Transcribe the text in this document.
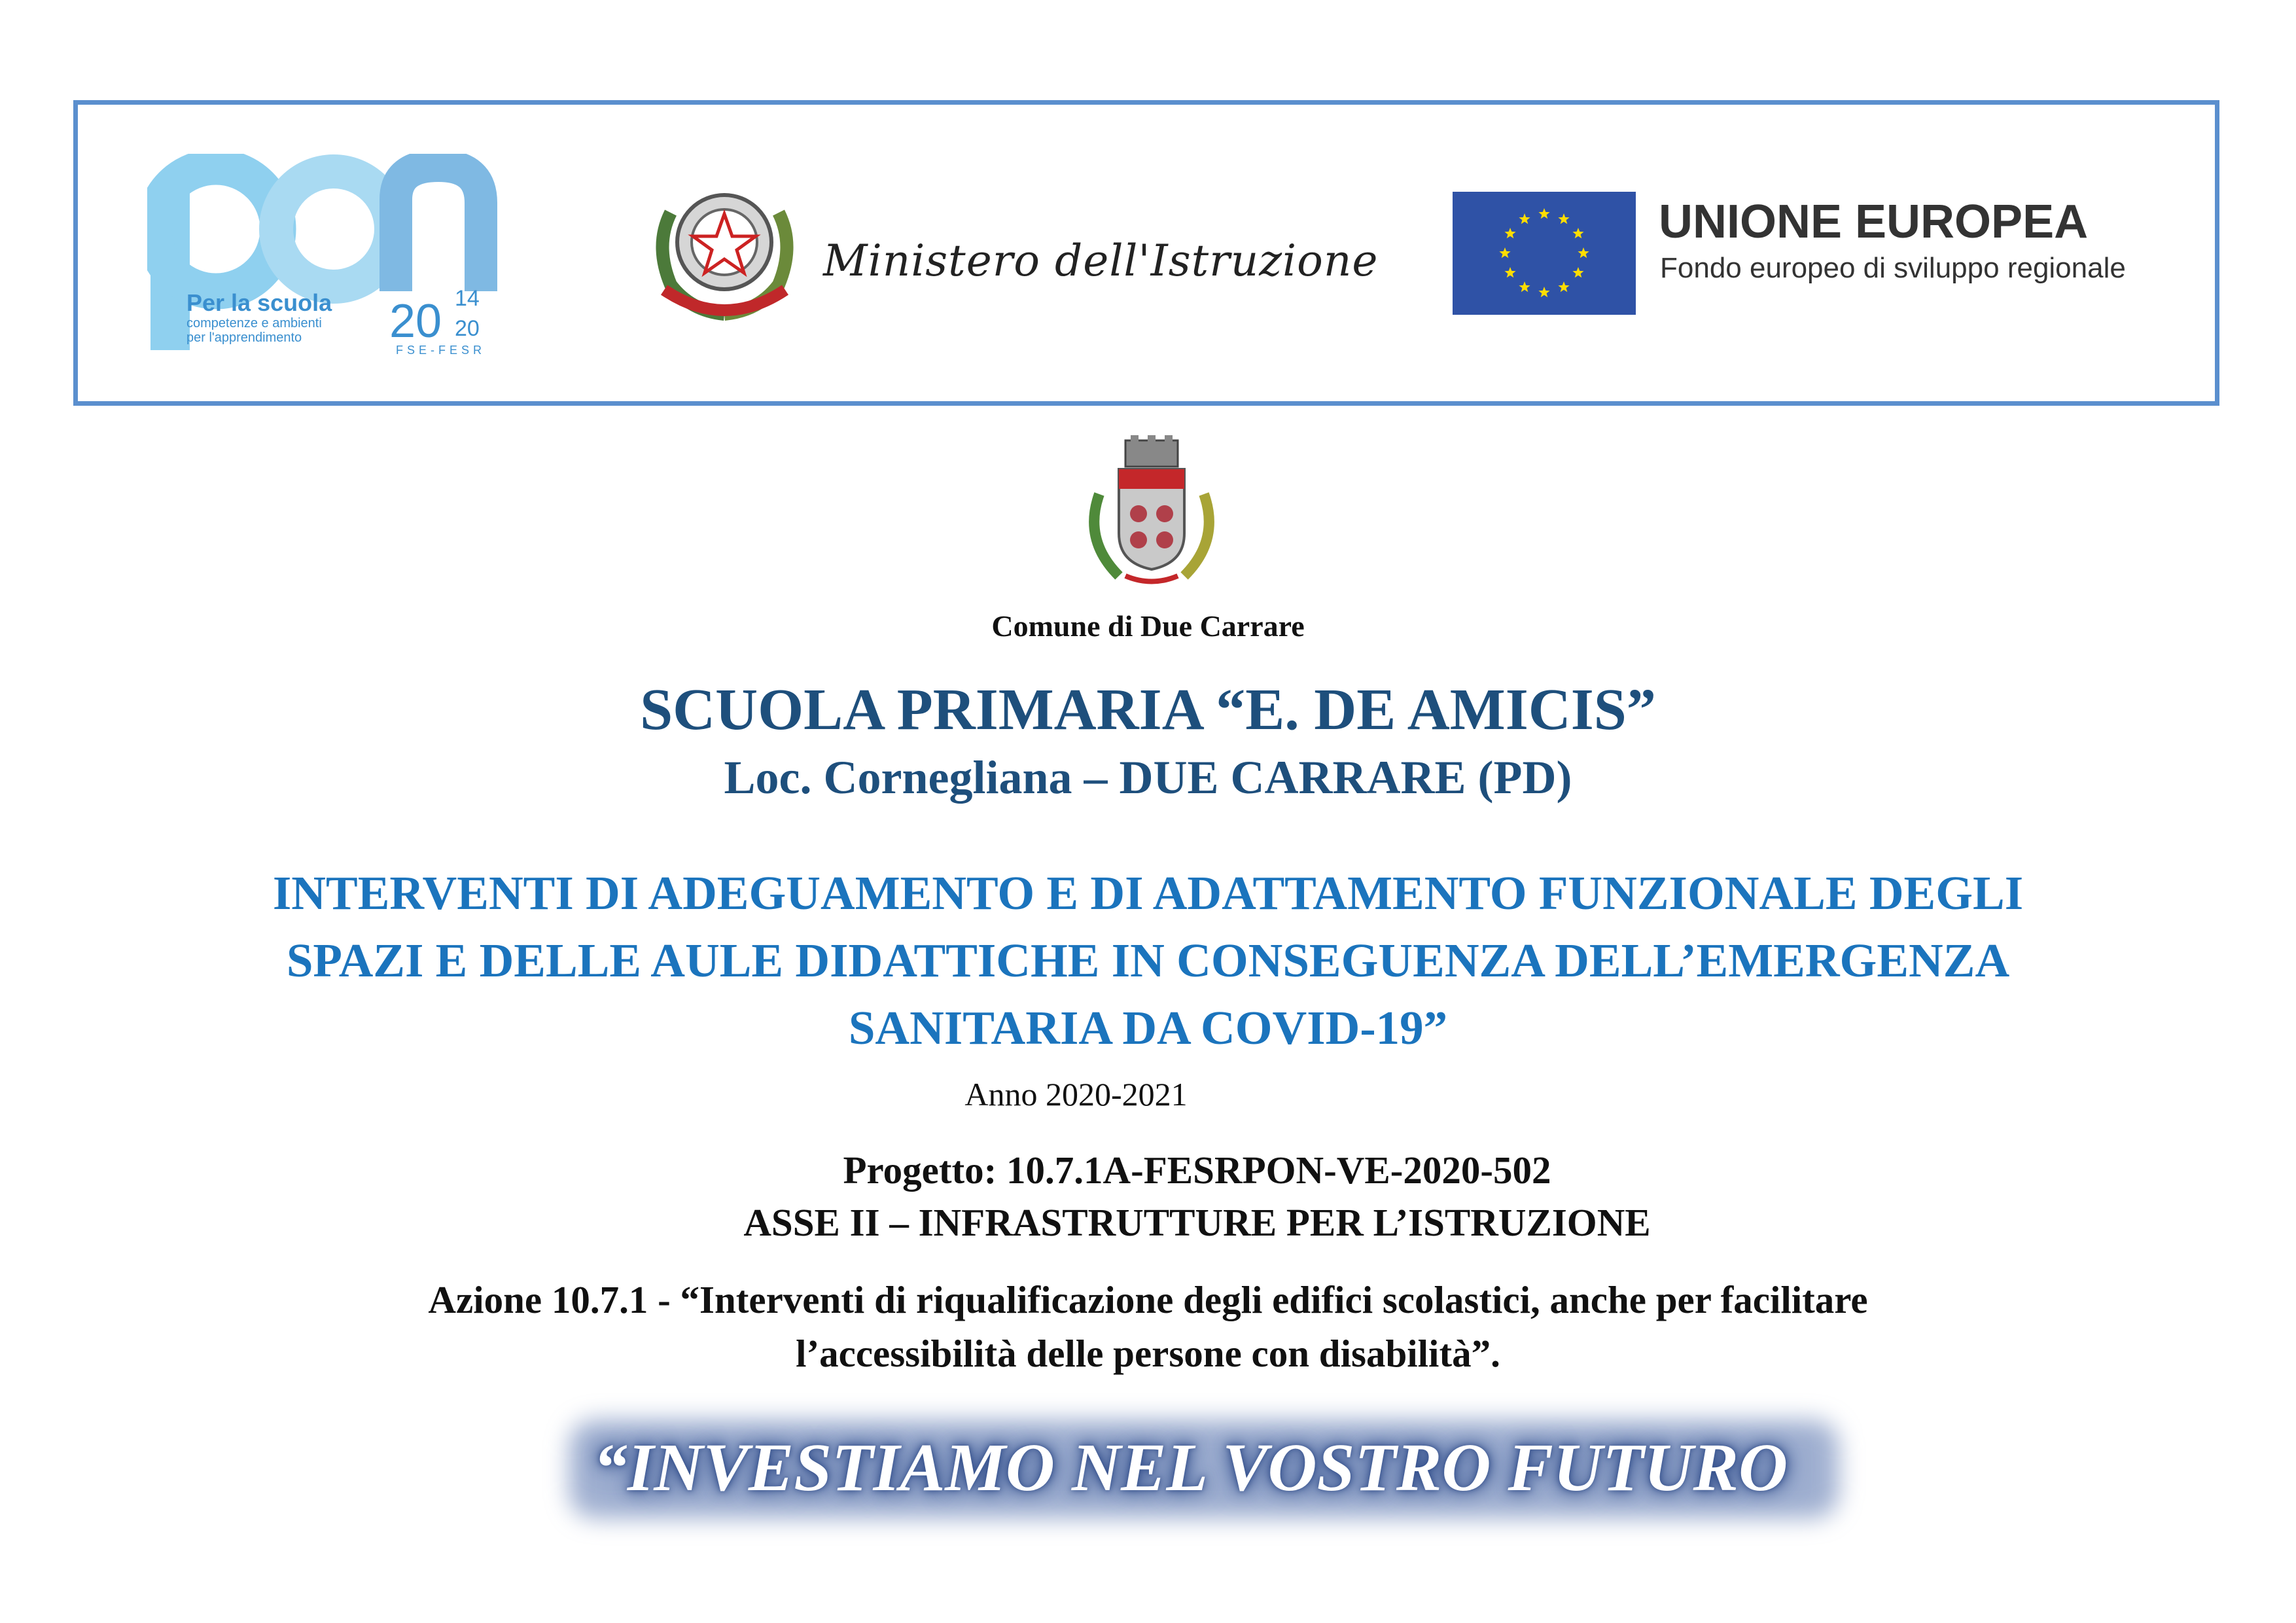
Per la scuola
competenze e ambienti
per l'apprendimento 20 14
20
FSE-FESR
Ministero dell'Istruzione
UNIONE EUROPEA
Fondo europeo di sviluppo regionale
Comune di Due Carrare
SCUOLA PRIMARIA “E. DE AMICIS”
Loc. Cornegliana – DUE CARRARE (PD)
INTERVENTI DI ADEGUAMENTO E DI ADATTAMENTO FUNZIONALE DEGLI
SPAZI E DELLE AULE DIDATTICHE IN CONSEGUENZA DELL’EMERGENZA
SANITARIA DA COVID-19”
Anno 2020-2021
Progetto: 10.7.1A-FESRPON-VE-2020-502
ASSE II – INFRASTRUTTURE PER L’ISTRUZIONE
Azione 10.7.1 - “Interventi di riqualificazione degli edifici scolastici, anche per facilitare
l’accessibilità delle persone con disabilità”.
“INVESTIAMO NEL VOSTRO FUTURO
